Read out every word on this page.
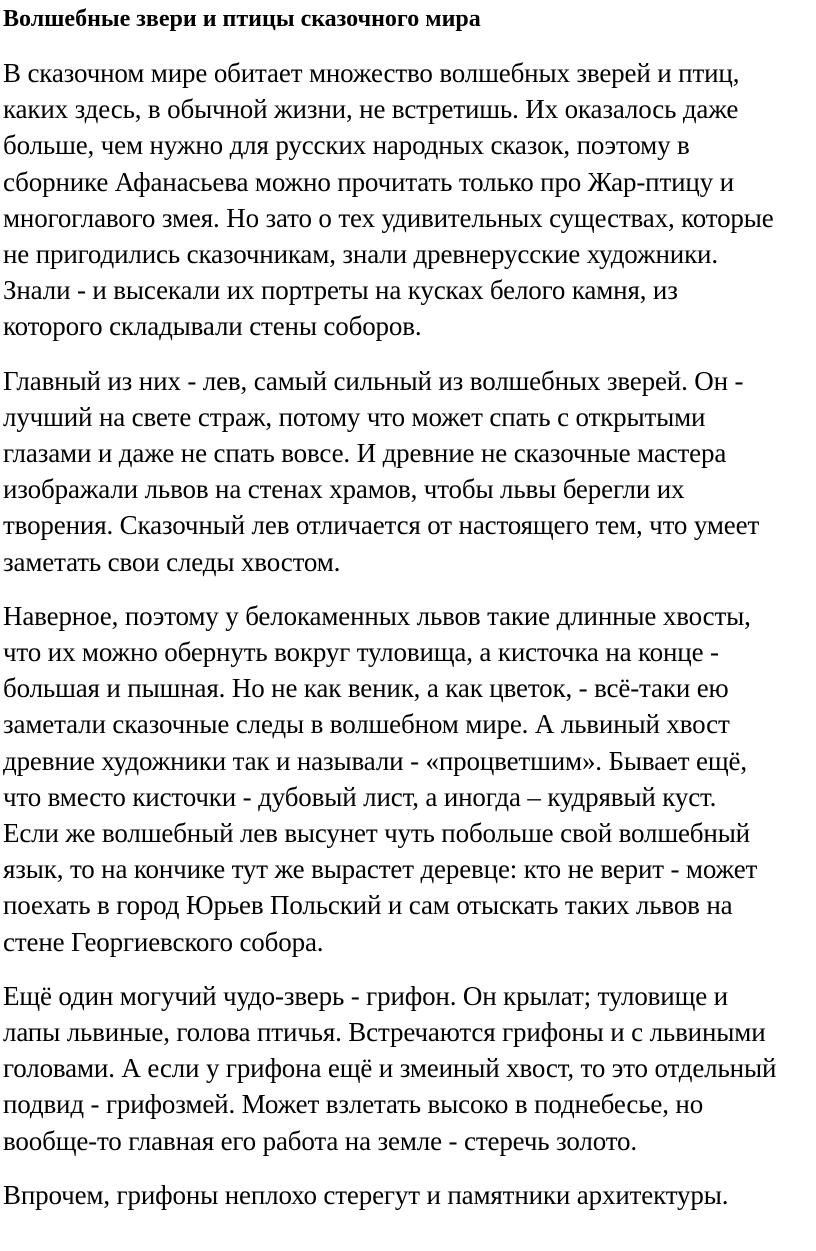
Волшебные звери и птицы сказочного мира

В сказочном мире обитает множество волшебных зверей и птиц,
каких здесь, в обычной жизни, не встретишь. Их оказалось даже
больше, чем нужно для русских народных сказок, поэтому в
сборнике Афанасьева можно прочитать только про Жар-птицу и
многоглавого змея. Но зато о тех удивительных существах, которые
не пригодились сказочникам, знали древнерусские художники.
Знали - и высекали их портреты на кусках белого камня, из
которого складывали стены соборов.

Главный из них - лев, самый сильный из волшебных зверей. Он -
лучший на свете страж, потому что может спать с открытыми
глазами и даже не спать вовсе. И древние не сказочные мастера
изображали львов на стенах храмов, чтобы львы берегли их
творения. Сказочный лев отличается от настоящего тем, что умеет
заметать свои следы хвостом.

Наверное, поэтому у белокаменных львов такие длинные хвосты,
что их можно обернуть вокруг туловища, а кисточка на конце -
большая и пышная. Но не как веник, а как цветок, - всё-таки ею
заметали сказочные следы в волшебном мире. А львиный хвост
древние художники так и называли - «процветшим». Бывает ещё,
что вместо кисточки - дубовый лист, а иногда – кудрявый куст.
Если же волшебный лев высунет чуть побольше свой волшебный
язык, то на кончике тут же вырастет деревце: кто не верит - может
поехать в город Юрьев Польский и сам отыскать таких львов на
стене Георгиевского собора.

Ещё один могучий чудо-зверь - грифон. Он крылат; туловище и
лапы львиные, голова птичья. Встречаются грифоны и с львиными
головами. А если у грифона ещё и змеиный хвост, то это отдельный
подвид - грифозмей. Может взлетать высоко в поднебесье, но
вообще-то главная его работа на земле - стеречь золото.

Впрочем, грифоны неплохо стерегут и памятники архитектуры.
